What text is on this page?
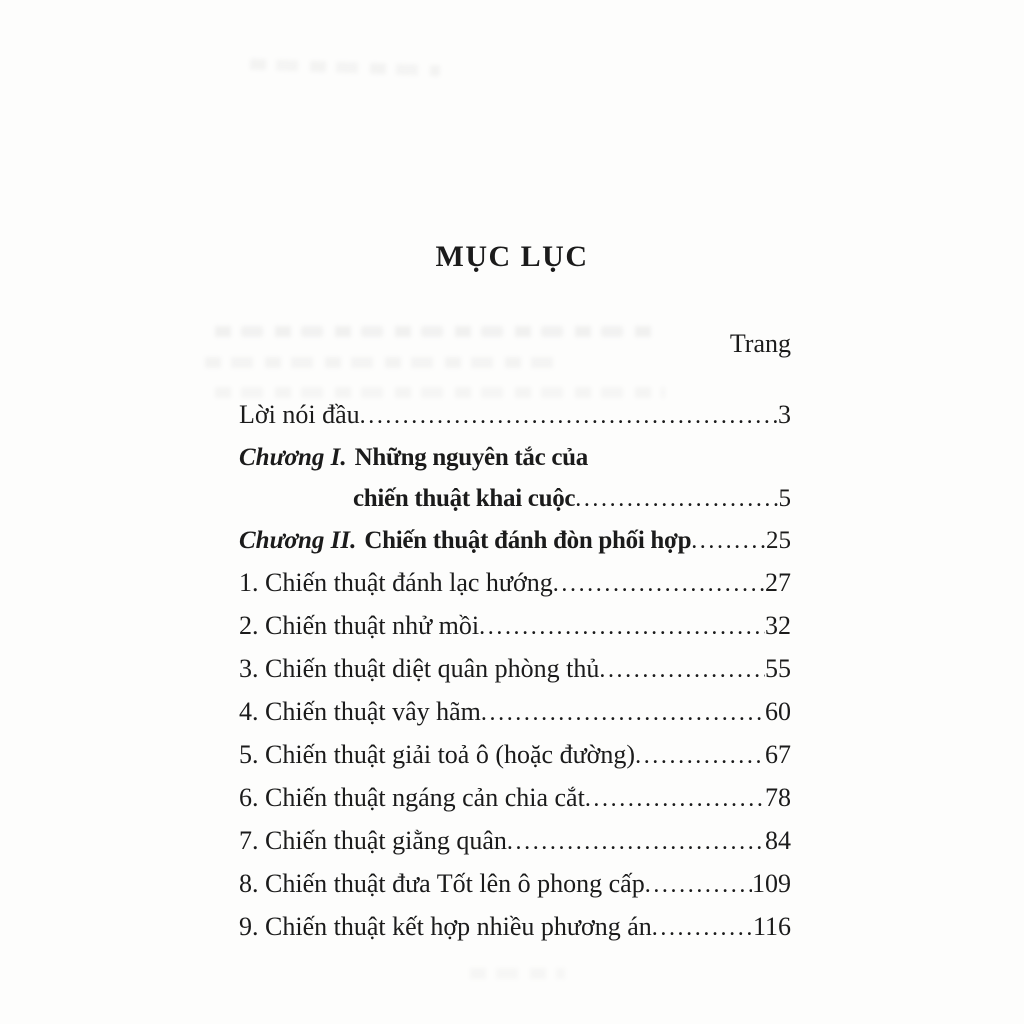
MỤC LỤC
Trang
Lời nói đầu .....	3
Chương I. Những nguyên tắc của
chiến thuật khai cuộc .....	5
Chương II. Chiến thuật đánh đòn phối hợp .....	25
1. Chiến thuật đánh lạc hướng .....	27
2. Chiến thuật nhử mồi .....	32
3. Chiến thuật diệt quân phòng thủ .....	55
4. Chiến thuật vây hãm .....	60
5. Chiến thuật giải toả ô (hoặc đường) .....	67
6. Chiến thuật ngáng cản chia cắt .....	78
7. Chiến thuật giằng quân .....	84
8. Chiến thuật đưa Tốt lên ô phong cấp .....	109
9. Chiến thuật kết hợp nhiều phương án .....	116
